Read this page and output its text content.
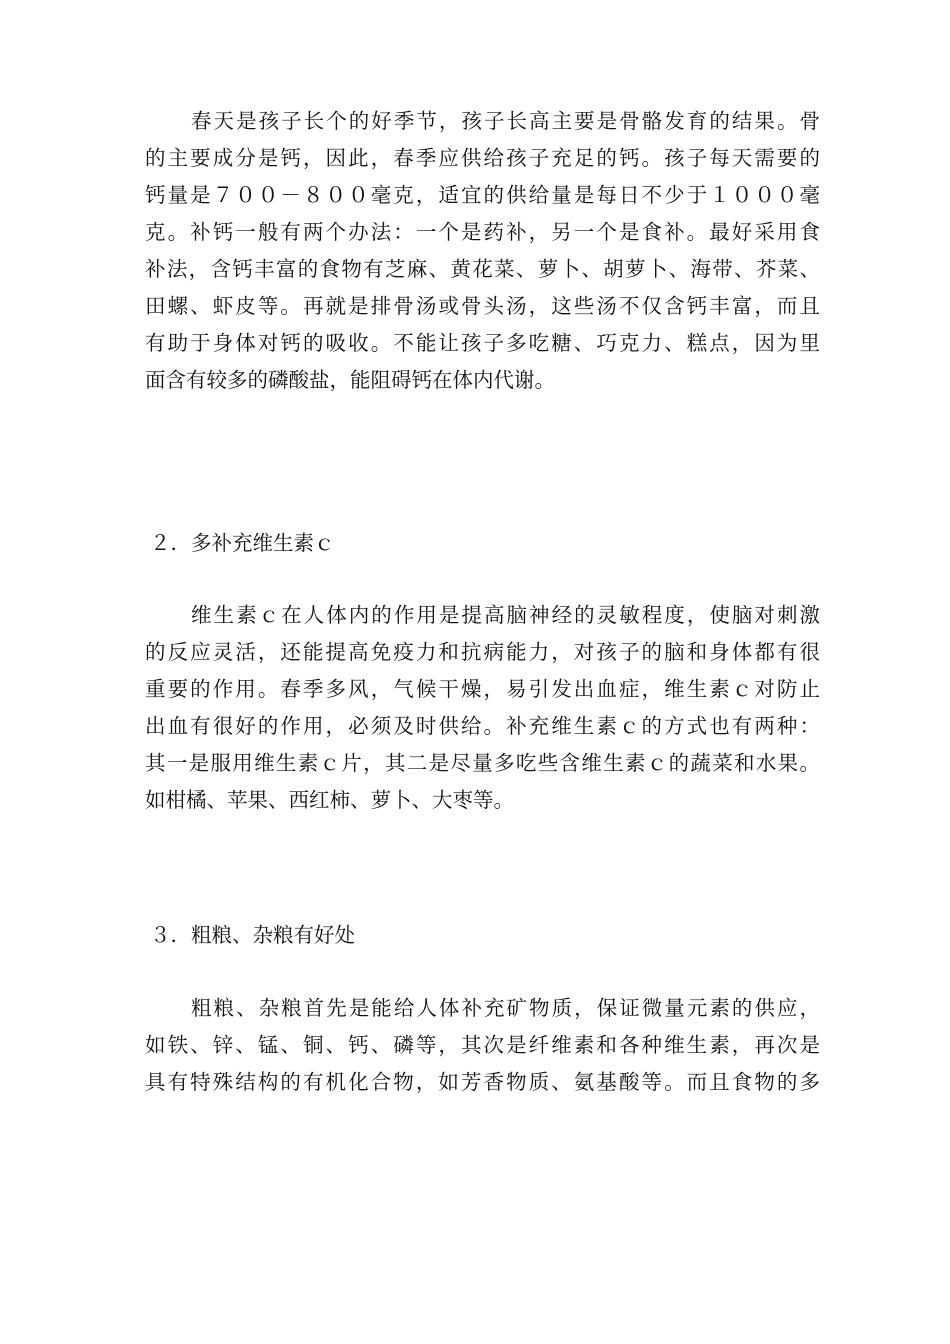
春天是孩子长个的好季节，孩子长高主要是骨骼发育的结果。骨
的主要成分是钙，因此，春季应供给孩子充足的钙。孩子每天需要的
钙量是７００－８００毫克，适宜的供给量是每日不少于１０００毫
克。补钙一般有两个办法：一个是药补，另一个是食补。最好采用食
补法，含钙丰富的食物有芝麻、黄花菜、萝卜、胡萝卜、海带、芥菜、
田螺、虾皮等。再就是排骨汤或骨头汤，这些汤不仅含钙丰富，而且
有助于身体对钙的吸收。不能让孩子多吃糖、巧克力、糕点，因为里
面含有较多的磷酸盐，能阻碍钙在体内代谢。
２．多补充维生素ｃ
维生素ｃ在人体内的作用是提高脑神经的灵敏程度，使脑对刺激
的反应灵活，还能提高免疫力和抗病能力，对孩子的脑和身体都有很
重要的作用。春季多风，气候干燥，易引发出血症，维生素ｃ对防止
出血有很好的作用，必须及时供给。补充维生素ｃ的方式也有两种：
其一是服用维生素ｃ片，其二是尽量多吃些含维生素ｃ的蔬菜和水果。
如柑橘、苹果、西红柿、萝卜、大枣等。
３．粗粮、杂粮有好处
粗粮、杂粮首先是能给人体补充矿物质，保证微量元素的供应，
如铁、锌、锰、铜、钙、磷等，其次是纤维素和各种维生素，再次是
具有特殊结构的有机化合物，如芳香物质、氨基酸等。而且食物的多
